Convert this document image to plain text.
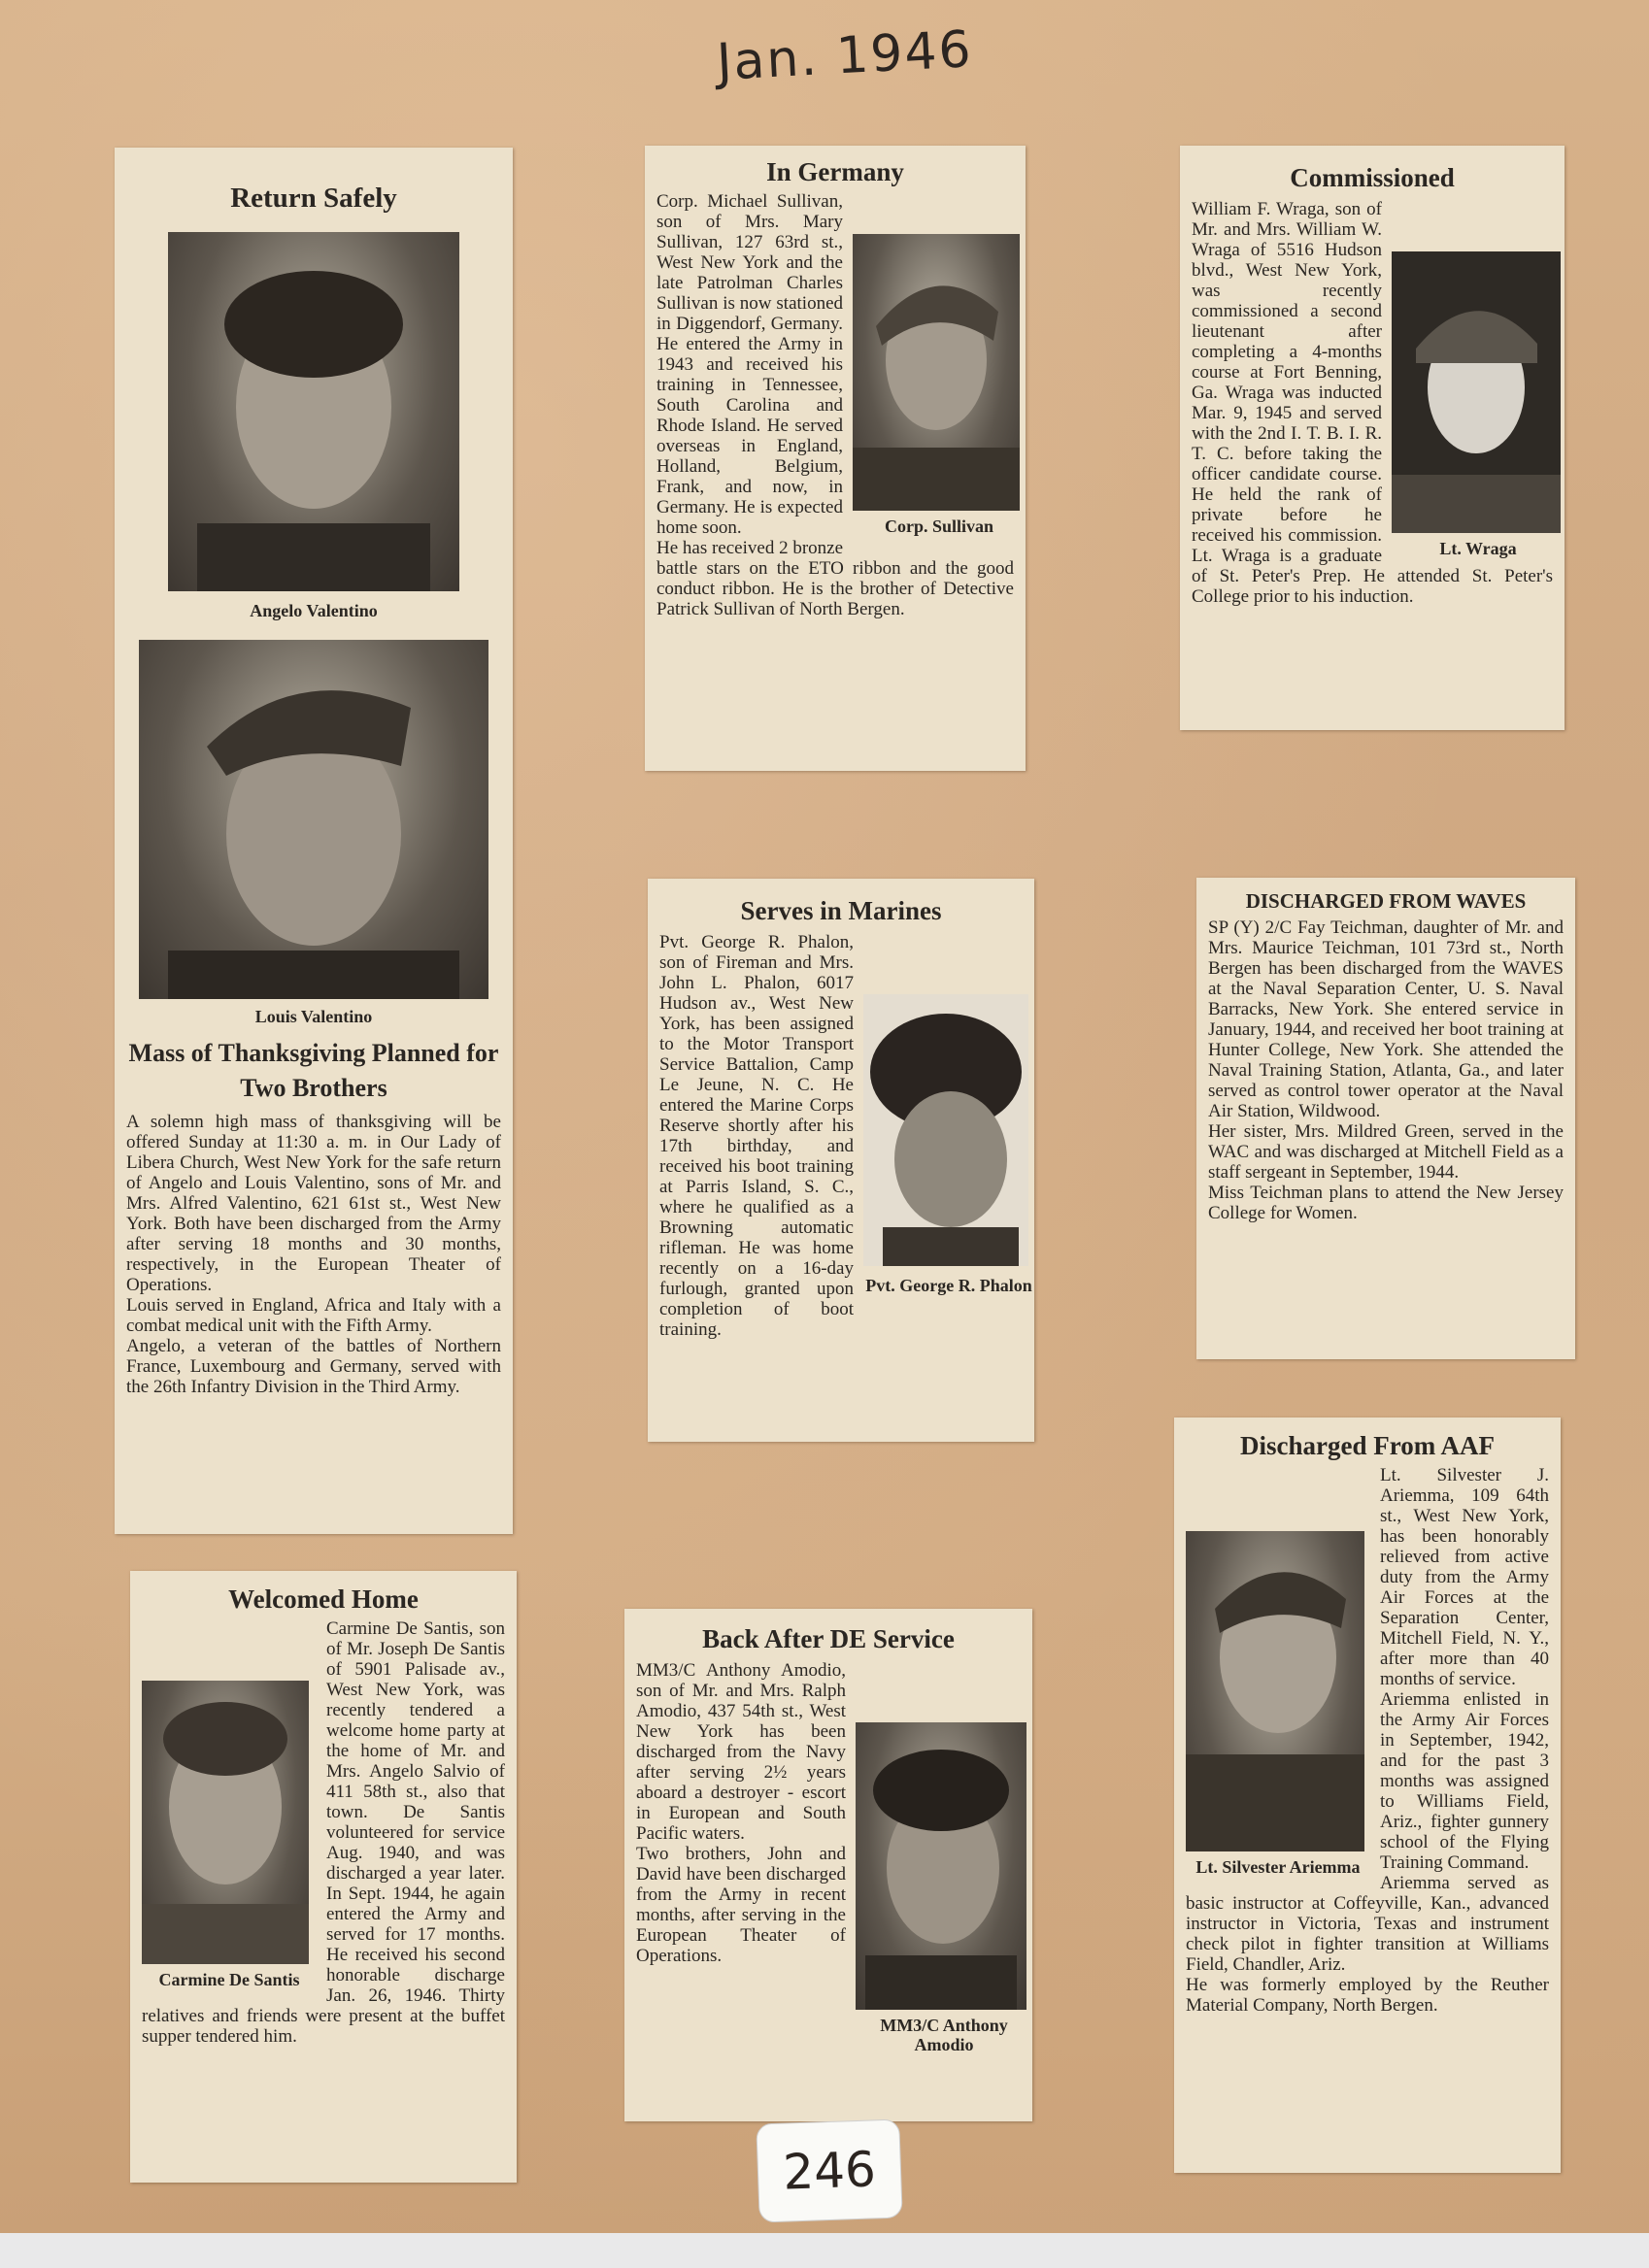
Jan. 1946
Return Safely
Angelo Valentino
Louis Valentino
Mass of Thanksgiving Planned for Two Brothers

A solemn high mass of thanksgiving will be offered Sunday at 11:30 a. m. in Our Lady of Libera Church, West New York for the safe return of Angelo and Louis Valentino, sons of Mr. and Mrs. Alfred Valentino, 621 61st st., West New York. Both have been discharged from the Army after serving 18 months and 30 months, respectively, in the European Theater of Operations.

Louis served in England, Africa and Italy with a combat medical unit with the Fifth Army.

Angelo, a veteran of the battles of Northern France, Luxembourg and Germany, served with the 26th Infantry Division in the Third Army.

In Germany
Corp. Sullivan

Corp. Michael Sullivan, son of Mrs. Mary Sullivan, 127 63rd st., West New York and the late Patrolman Charles Sullivan is now stationed in Diggendorf, Germany. He entered the Army in 1943 and received his training in Tennessee, South Carolina and Rhode Island. He served overseas in England, Holland, Belgium, Frank, and now, in Germany. He is expected home soon.

He has received 2 bronze battle stars on the ETO ribbon and the good conduct ribbon. He is the brother of Detective Patrick Sullivan of North Bergen.

Commissioned
Lt. Wraga

William F. Wraga, son of Mr. and Mrs. William W. Wraga of 5516 Hudson blvd., West New York, was recently commissioned a second lieutenant after completing a 4-months course at Fort Benning, Ga. Wraga was inducted Mar. 9, 1945 and served with the 2nd I. T. B. I. R. T. C. before taking the officer candidate course. He held the rank of private before he received his commission. Lt. Wraga is a graduate of St. Peter's Prep. He attended St. Peter's College prior to his induction.

Serves in Marines
Pvt. George R. Phalon

Pvt. George R. Phalon, son of Fireman and Mrs. John L. Phalon, 6017 Hudson av., West New York, has been assigned to the Motor Transport Service Battalion, Camp Le Jeune, N. C. He entered the Marine Corps Reserve shortly after his 17th birthday, and received his boot training at Parris Island, S. C., where he qualified as a Browning automatic rifleman. He was home recently on a 16-day furlough, granted upon completion of boot training.

DISCHARGED FROM WAVES

SP (Y) 2/C Fay Teichman, daughter of Mr. and Mrs. Maurice Teichman, 101 73rd st., North Bergen has been discharged from the WAVES at the Naval Separation Center, U. S. Naval Barracks, New York. She entered service in January, 1944, and received her boot training at Hunter College, New York. She attended the Naval Training Station, Atlanta, Ga., and later served as control tower operator at the Naval Air Station, Wildwood.

Her sister, Mrs. Mildred Green, served in the WAC and was discharged at Mitchell Field as a staff sergeant in September, 1944.

Miss Teichman plans to attend the New Jersey College for Women.

Welcomed Home
Carmine De Santis

Carmine De Santis, son of Mr. Joseph De Santis of 5901 Palisade av., West New York, was recently tendered a welcome home party at the home of Mr. and Mrs. Angelo Salvio of 411 58th st., also that town. De Santis volunteered for service Aug. 1940, and was discharged a year later. In Sept. 1944, he again entered the Army and served for 17 months. He received his second honorable discharge Jan. 26, 1946. Thirty relatives and friends were present at the buffet supper tendered him.

Back After DE Service
MM3/C Anthony Amodio

MM3/C Anthony Amodio, son of Mr. and Mrs. Ralph Amodio, 437 54th st., West New York has been discharged from the Navy after serving 2½ years aboard a destroyer - escort in European and South Pacific waters.

Two brothers, John and David have been discharged from the Army in recent months, after serving in the European Theater of Operations.

Discharged From AAF
Lt. Silvester Ariemma

Lt. Silvester J. Ariemma, 109 64th st., West New York, has been honorably relieved from active duty from the Army Air Forces at the Separation Center, Mitchell Field, N. Y., after more than 40 months of service.

Ariemma enlisted in the Army Air Forces in September, 1942, and for the past 3 months was assigned to Williams Field, Ariz., fighter gunnery school of the Flying Training Command.

Ariemma served as basic instructor at Coffeyville, Kan., advanced instructor in Victoria, Texas and instrument check pilot in fighter transition at Williams Field, Chandler, Ariz.

He was formerly employed by the Reuther Material Company, North Bergen.

246
